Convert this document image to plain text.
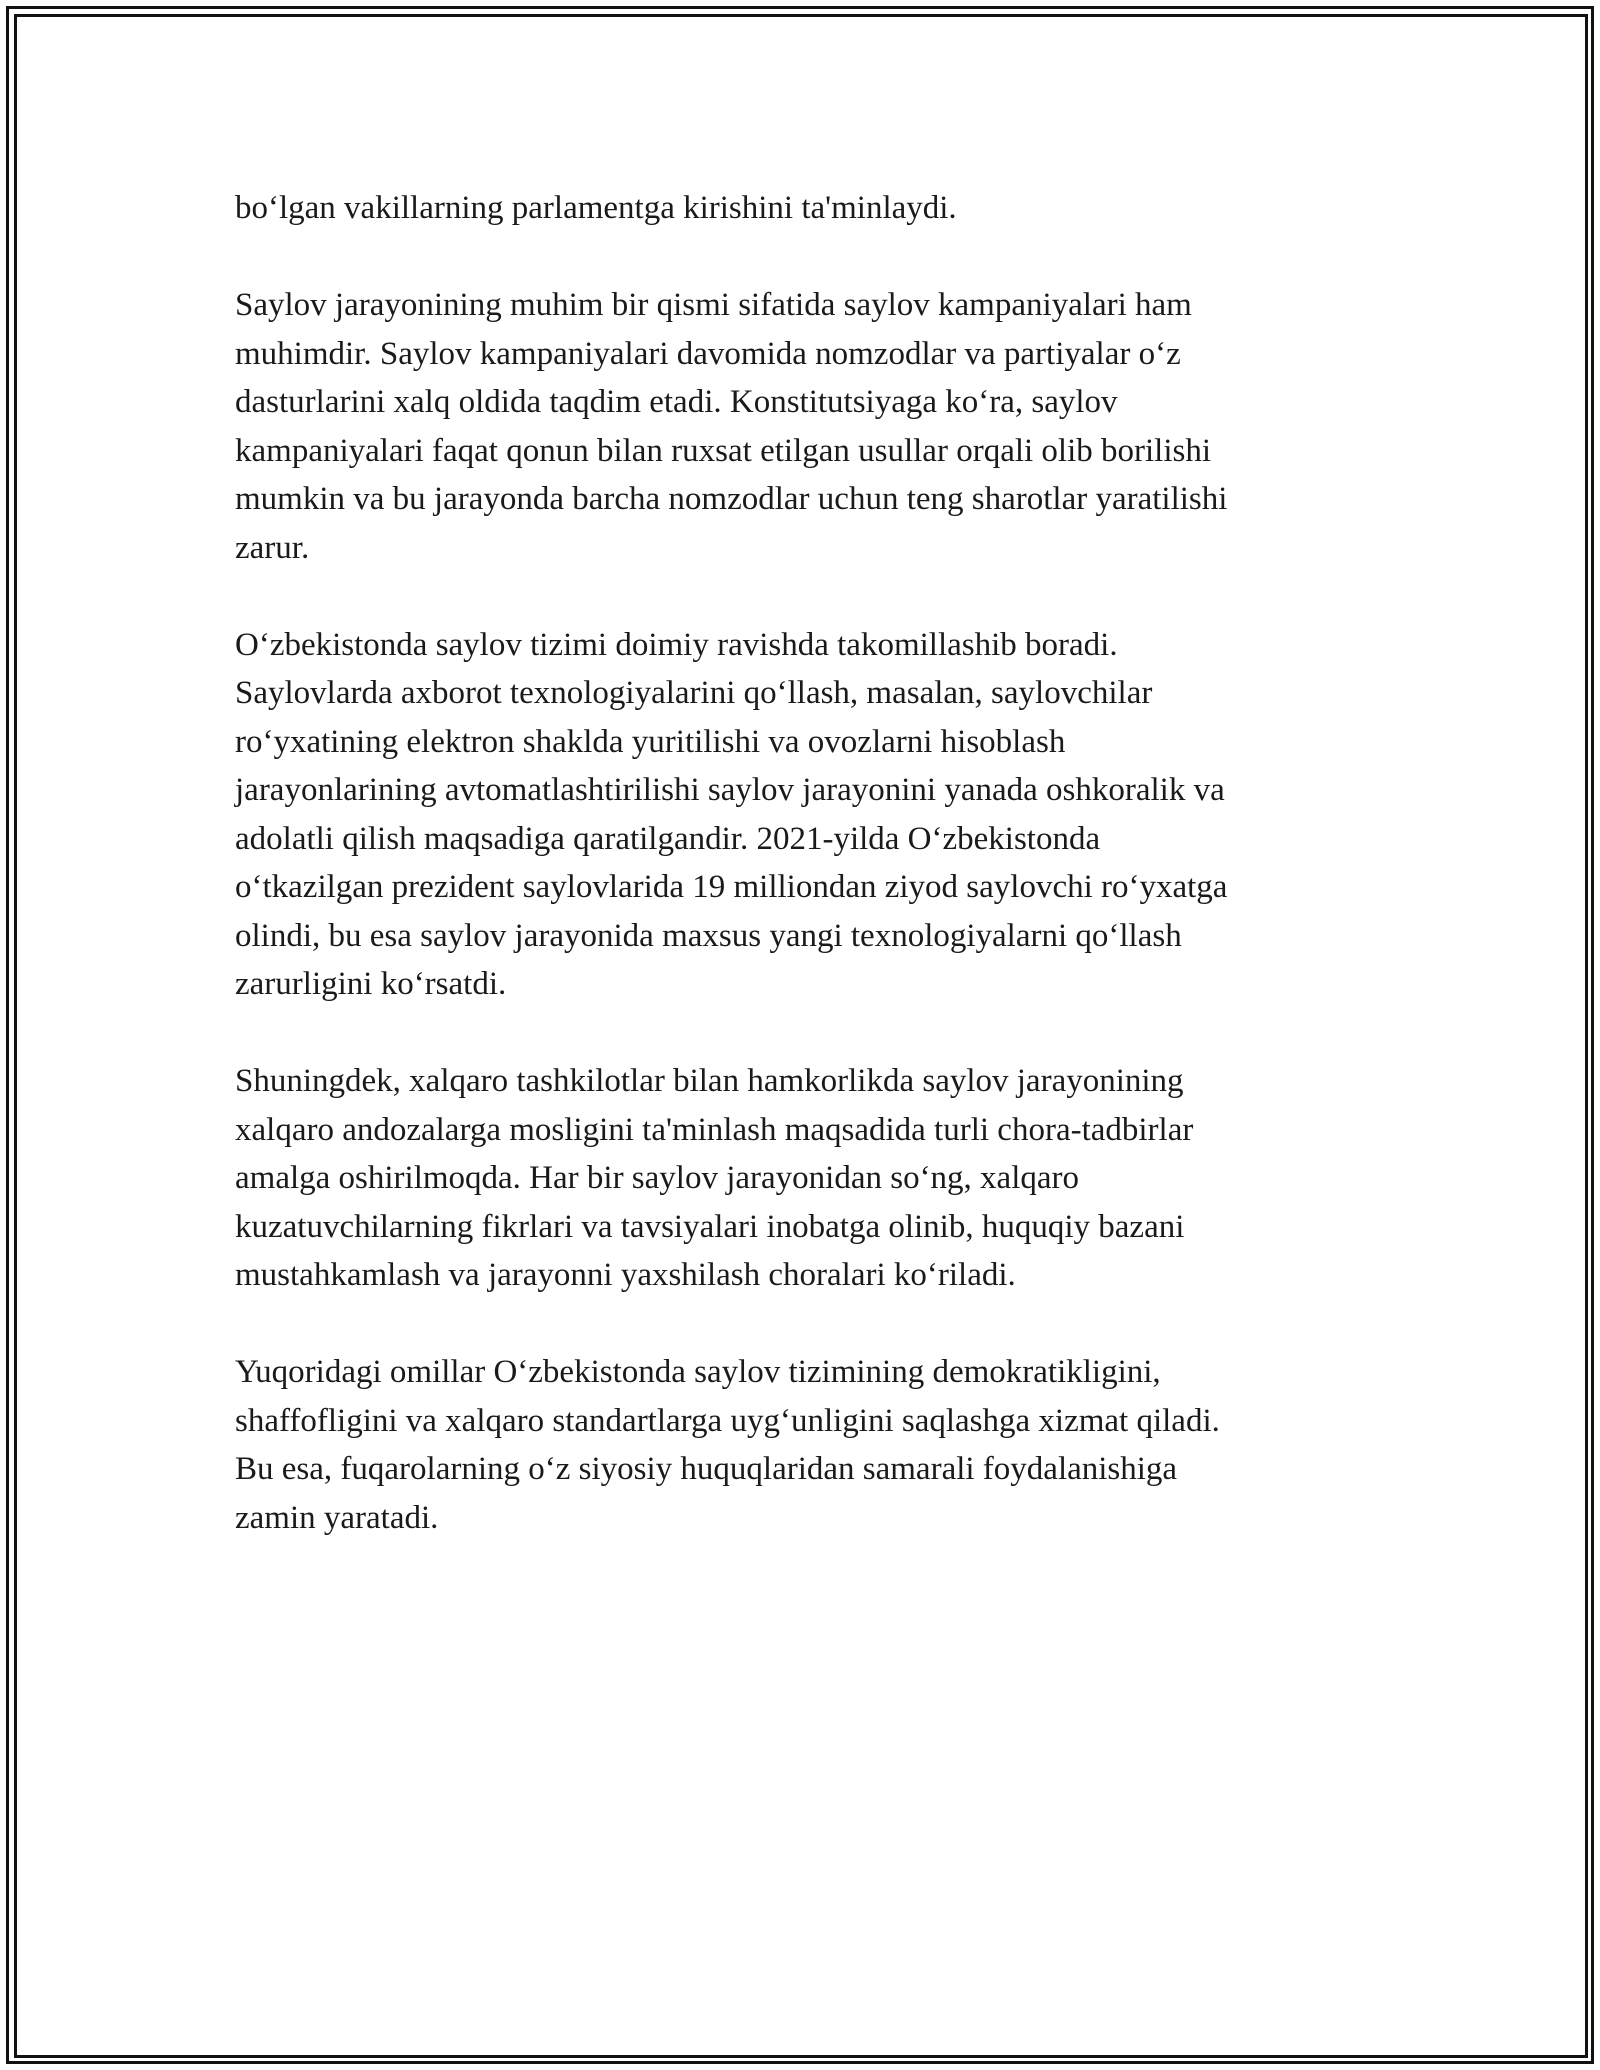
bo‘lgan vakillarning parlamentga kirishini ta'minlaydi.

Saylov jarayonining muhim bir qismi sifatida saylov kampaniyalari ham
muhimdir. Saylov kampaniyalari davomida nomzodlar va partiyalar o‘z
dasturlarini xalq oldida taqdim etadi. Konstitutsiyaga ko‘ra, saylov
kampaniyalari faqat qonun bilan ruxsat etilgan usullar orqali olib borilishi
mumkin va bu jarayonda barcha nomzodlar uchun teng sharotlar yaratilishi
zarur.

O‘zbekistonda saylov tizimi doimiy ravishda takomillashib boradi.
Saylovlarda axborot texnologiyalarini qo‘llash, masalan, saylovchilar
ro‘yxatining elektron shaklda yuritilishi va ovozlarni hisoblash
jarayonlarining avtomatlashtirilishi saylov jarayonini yanada oshkoralik va
adolatli qilish maqsadiga qaratilgandir. 2021-yilda O‘zbekistonda
o‘tkazilgan prezident saylovlarida 19 milliondan ziyod saylovchi ro‘yxatga
olindi, bu esa saylov jarayonida maxsus yangi texnologiyalarni qo‘llash
zarurligini ko‘rsatdi.

Shuningdek, xalqaro tashkilotlar bilan hamkorlikda saylov jarayonining
xalqaro andozalarga mosligini ta'minlash maqsadida turli chora-tadbirlar
amalga oshirilmoqda. Har bir saylov jarayonidan so‘ng, xalqaro
kuzatuvchilarning fikrlari va tavsiyalari inobatga olinib, huquqiy bazani
mustahkamlash va jarayonni yaxshilash choralari ko‘riladi.

Yuqoridagi omillar O‘zbekistonda saylov tizimining demokratikligini,
shaffofligini va xalqaro standartlarga uyg‘unligini saqlashga xizmat qiladi.
Bu esa, fuqarolarning o‘z siyosiy huquqlaridan samarali foydalanishiga
zamin yaratadi.
